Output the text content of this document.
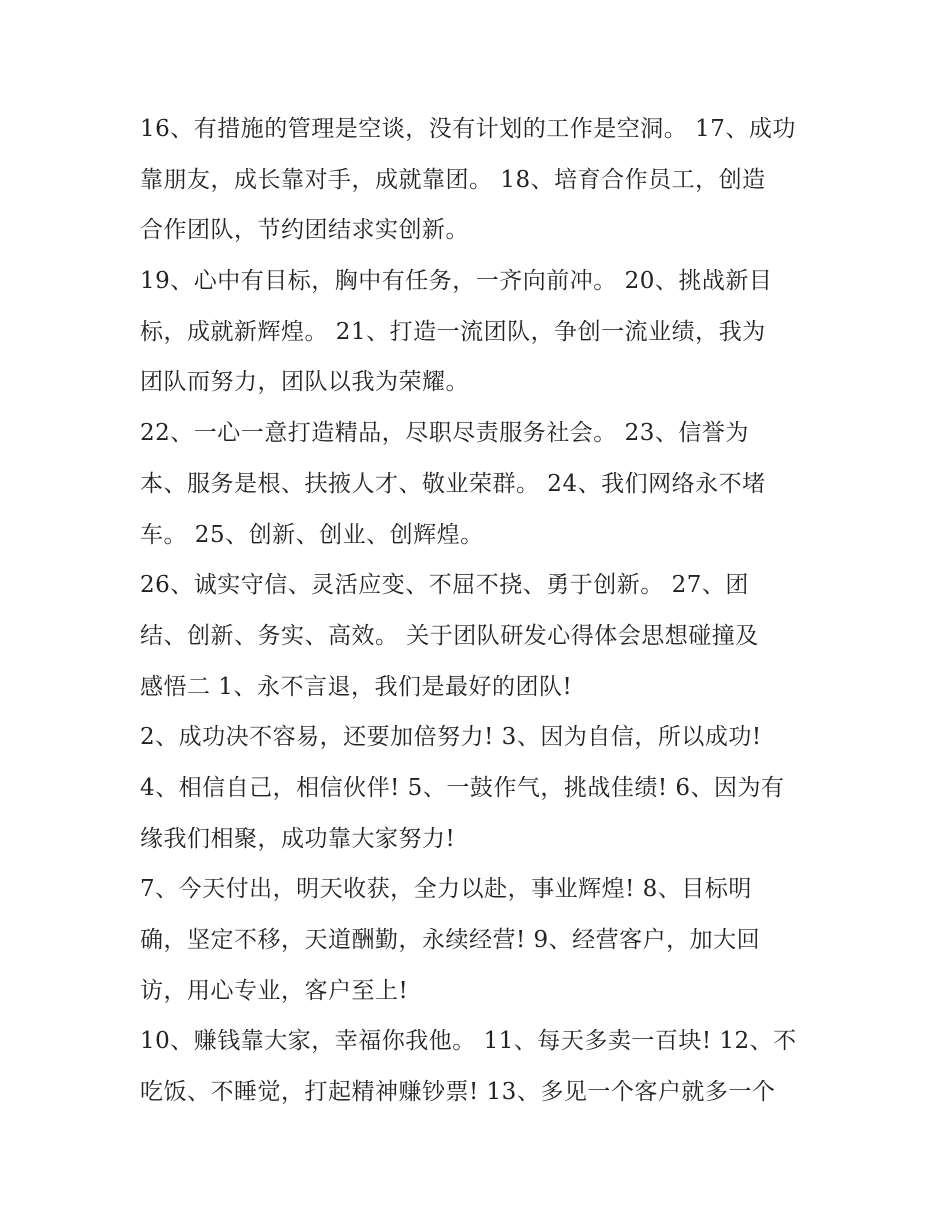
16、有措施的管理是空谈，没有计划的工作是空洞。 17、成功
靠朋友，成长靠对手，成就靠团。 18、培育合作员工，创造
合作团队，节约团结求实创新。
19、心中有目标，胸中有任务，一齐向前冲。 20、挑战新目
标，成就新辉煌。 21、打造一流团队，争创一流业绩，我为
团队而努力，团队以我为荣耀。
22、一心一意打造精品，尽职尽责服务社会。 23、信誉为
本、服务是根、扶掖人才、敬业荣群。 24、我们网络永不堵
车。 25、创新、创业、创辉煌。
26、诚实守信、灵活应变、不屈不挠、勇于创新。 27、团
结、创新、务实、高效。 关于团队研发心得体会思想碰撞及
感悟二 1、永不言退，我们是最好的团队!
2、成功决不容易，还要加倍努力! 3、因为自信，所以成功!
4、相信自己，相信伙伴! 5、一鼓作气，挑战佳绩! 6、因为有
缘我们相聚，成功靠大家努力!
7、今天付出，明天收获，全力以赴，事业辉煌! 8、目标明
确，坚定不移，天道酬勤，永续经营! 9、经营客户，加大回
访，用心专业，客户至上!
10、赚钱靠大家，幸福你我他。 11、每天多卖一百块! 12、不
吃饭、不睡觉，打起精神赚钞票! 13、多见一个客户就多一个
